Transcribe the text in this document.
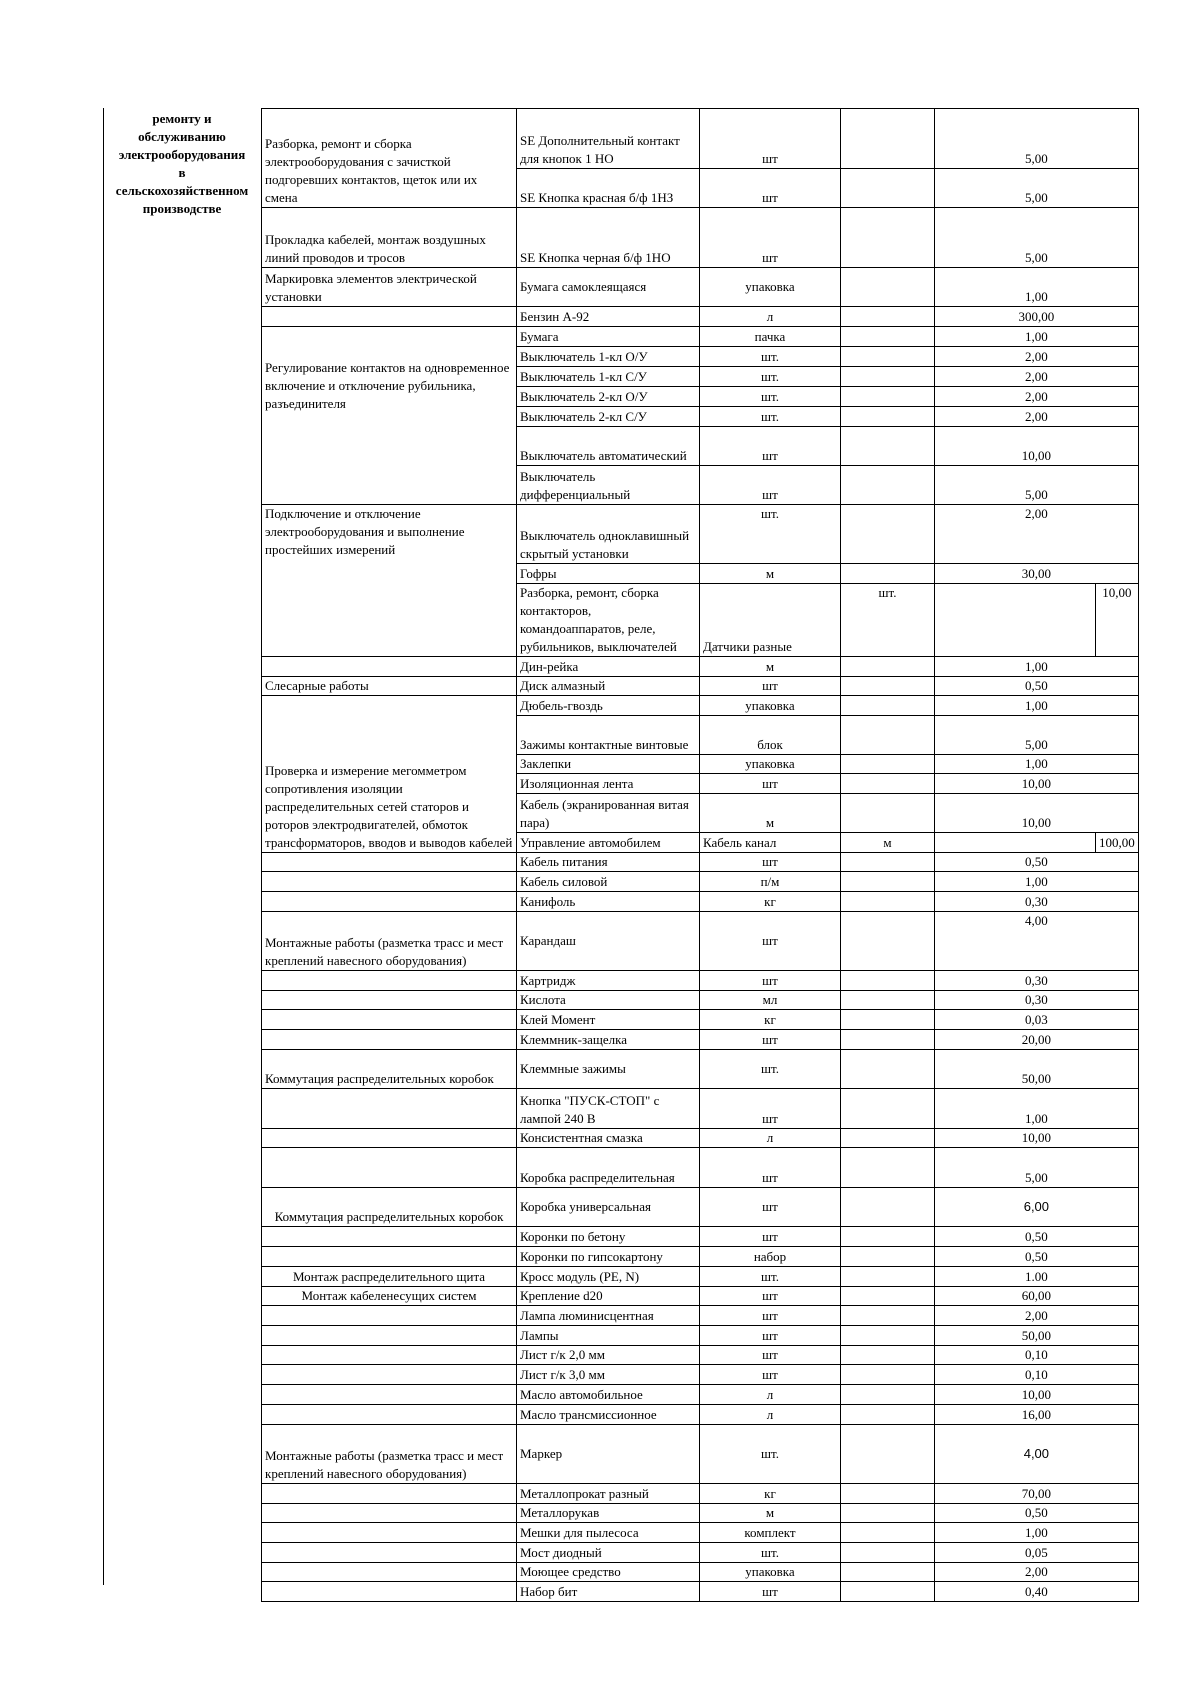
ремонту и
обслуживанию
электрооборудования
в
сельскохозяйственном
производстве
Разборка, ремонт и сборка электрооборудования с зачисткой подгоревших контактов, щеток или их смена	SE Дополнительный контакт для кнопок 1 НО	шт		5,00	
	SE Кнопка красная б/ф 1НЗ	шт		5,00	
Прокладка кабелей, монтаж воздушных линий проводов и тросов	SE Кнопка черная б/ф 1НО	шт		5,00	
Маркировка элементов электрической установки	Бумага самоклеящаяся	упаковка		1,00	
	Бензин А-92	л		300,00	
Регулирование контактов на одновременное включение и отключение рубильника, разъединителя	Бумага	пачка		1,00	
	Выключатель 1-кл О/У	шт.		2,00	
	Выключатель 1-кл С/У	шт.		2,00	
	Выключатель 2-кл О/У	шт.		2,00	
	Выключатель 2-кл С/У	шт.		2,00	
	Выключатель автоматический	шт		10,00	
	Выключатель дифференциальный	шт		5,00	
Подключение и отключение электрооборудования и выполнение простейших измерений	Выключатель одноклавишный скрытый установки	шт.		2,00	
	Гофры	м		30,00	
	Разборка, ремонт, сборка контакторов, командоаппаратов, реле, рубильников, выключателей	Датчики разные	шт.		10,00
	Дин-рейка	м		1,00	
Слесарные работы	Диск алмазный	шт		0,50	
Проверка и измерение мегомметром сопротивления изоляции распределительных сетей статоров и роторов электродвигателей, обмоток трансформаторов, вводов и выводов кабелей	Дюбель-гвоздь	упаковка		1,00	
	Зажимы контактные винтовые	блок		5,00	
	Заклепки	упаковка		1,00	
	Изоляционная лента	шт		10,00	
	Кабель (экранированная витая пара)	м		10,00	
	Управление автомобилем	Кабель канал	м		100,00
	Кабель питания	шт		0,50	
	Кабель силовой	п/м		1,00	
	Канифоль	кг		0,30	
Монтажные работы (разметка трасс и мест креплений навесного оборудования)	Карандаш	шт		4,00	
	Картридж	шт		0,30	
	Кислота	мл		0,30	
	Клей Момент	кг		0,03	
	Клеммник-защелка	шт		20,00	
Коммутация распределительных коробок	Клеммные зажимы	шт.		50,00	
	Кнопка "ПУСК-СТОП" с лампой 240 В	шт		1,00	
	Консистентная смазка	л		10,00	
	Коробка распределительная	шт		5,00	
Коммутация распределительных коробок	Коробка универсальная	шт		6,00	
	Коронки по бетону	шт		0,50	
	Коронки по гипсокартону	набор		0,50	
Монтаж распределительного щита	Кросс модуль (PE, N)	шт.		1.00	
Монтаж кабеленесущих систем	Крепление d20	шт		60,00	
	Лампа люминисцентная	шт		2,00	
	Лампы	шт		50,00	
	Лист г/к 2,0 мм	шт		0,10	
	Лист г/к 3,0 мм	шт		0,10	
	Масло автомобильное	л		10,00	
	Масло трансмиссионное	л		16,00	
Монтажные работы (разметка трасс и мест креплений навесного оборудования)	Маркер	шт.		4,00	
	Металлопрокат разный	кг		70,00	
	Металлорукав	м		0,50	
	Мешки для пылесоса	комплект		1,00	
	Мост диодный	шт.		0,05	
	Моющее средство	упаковка		2,00	
	Набор бит	шт		0,40	
